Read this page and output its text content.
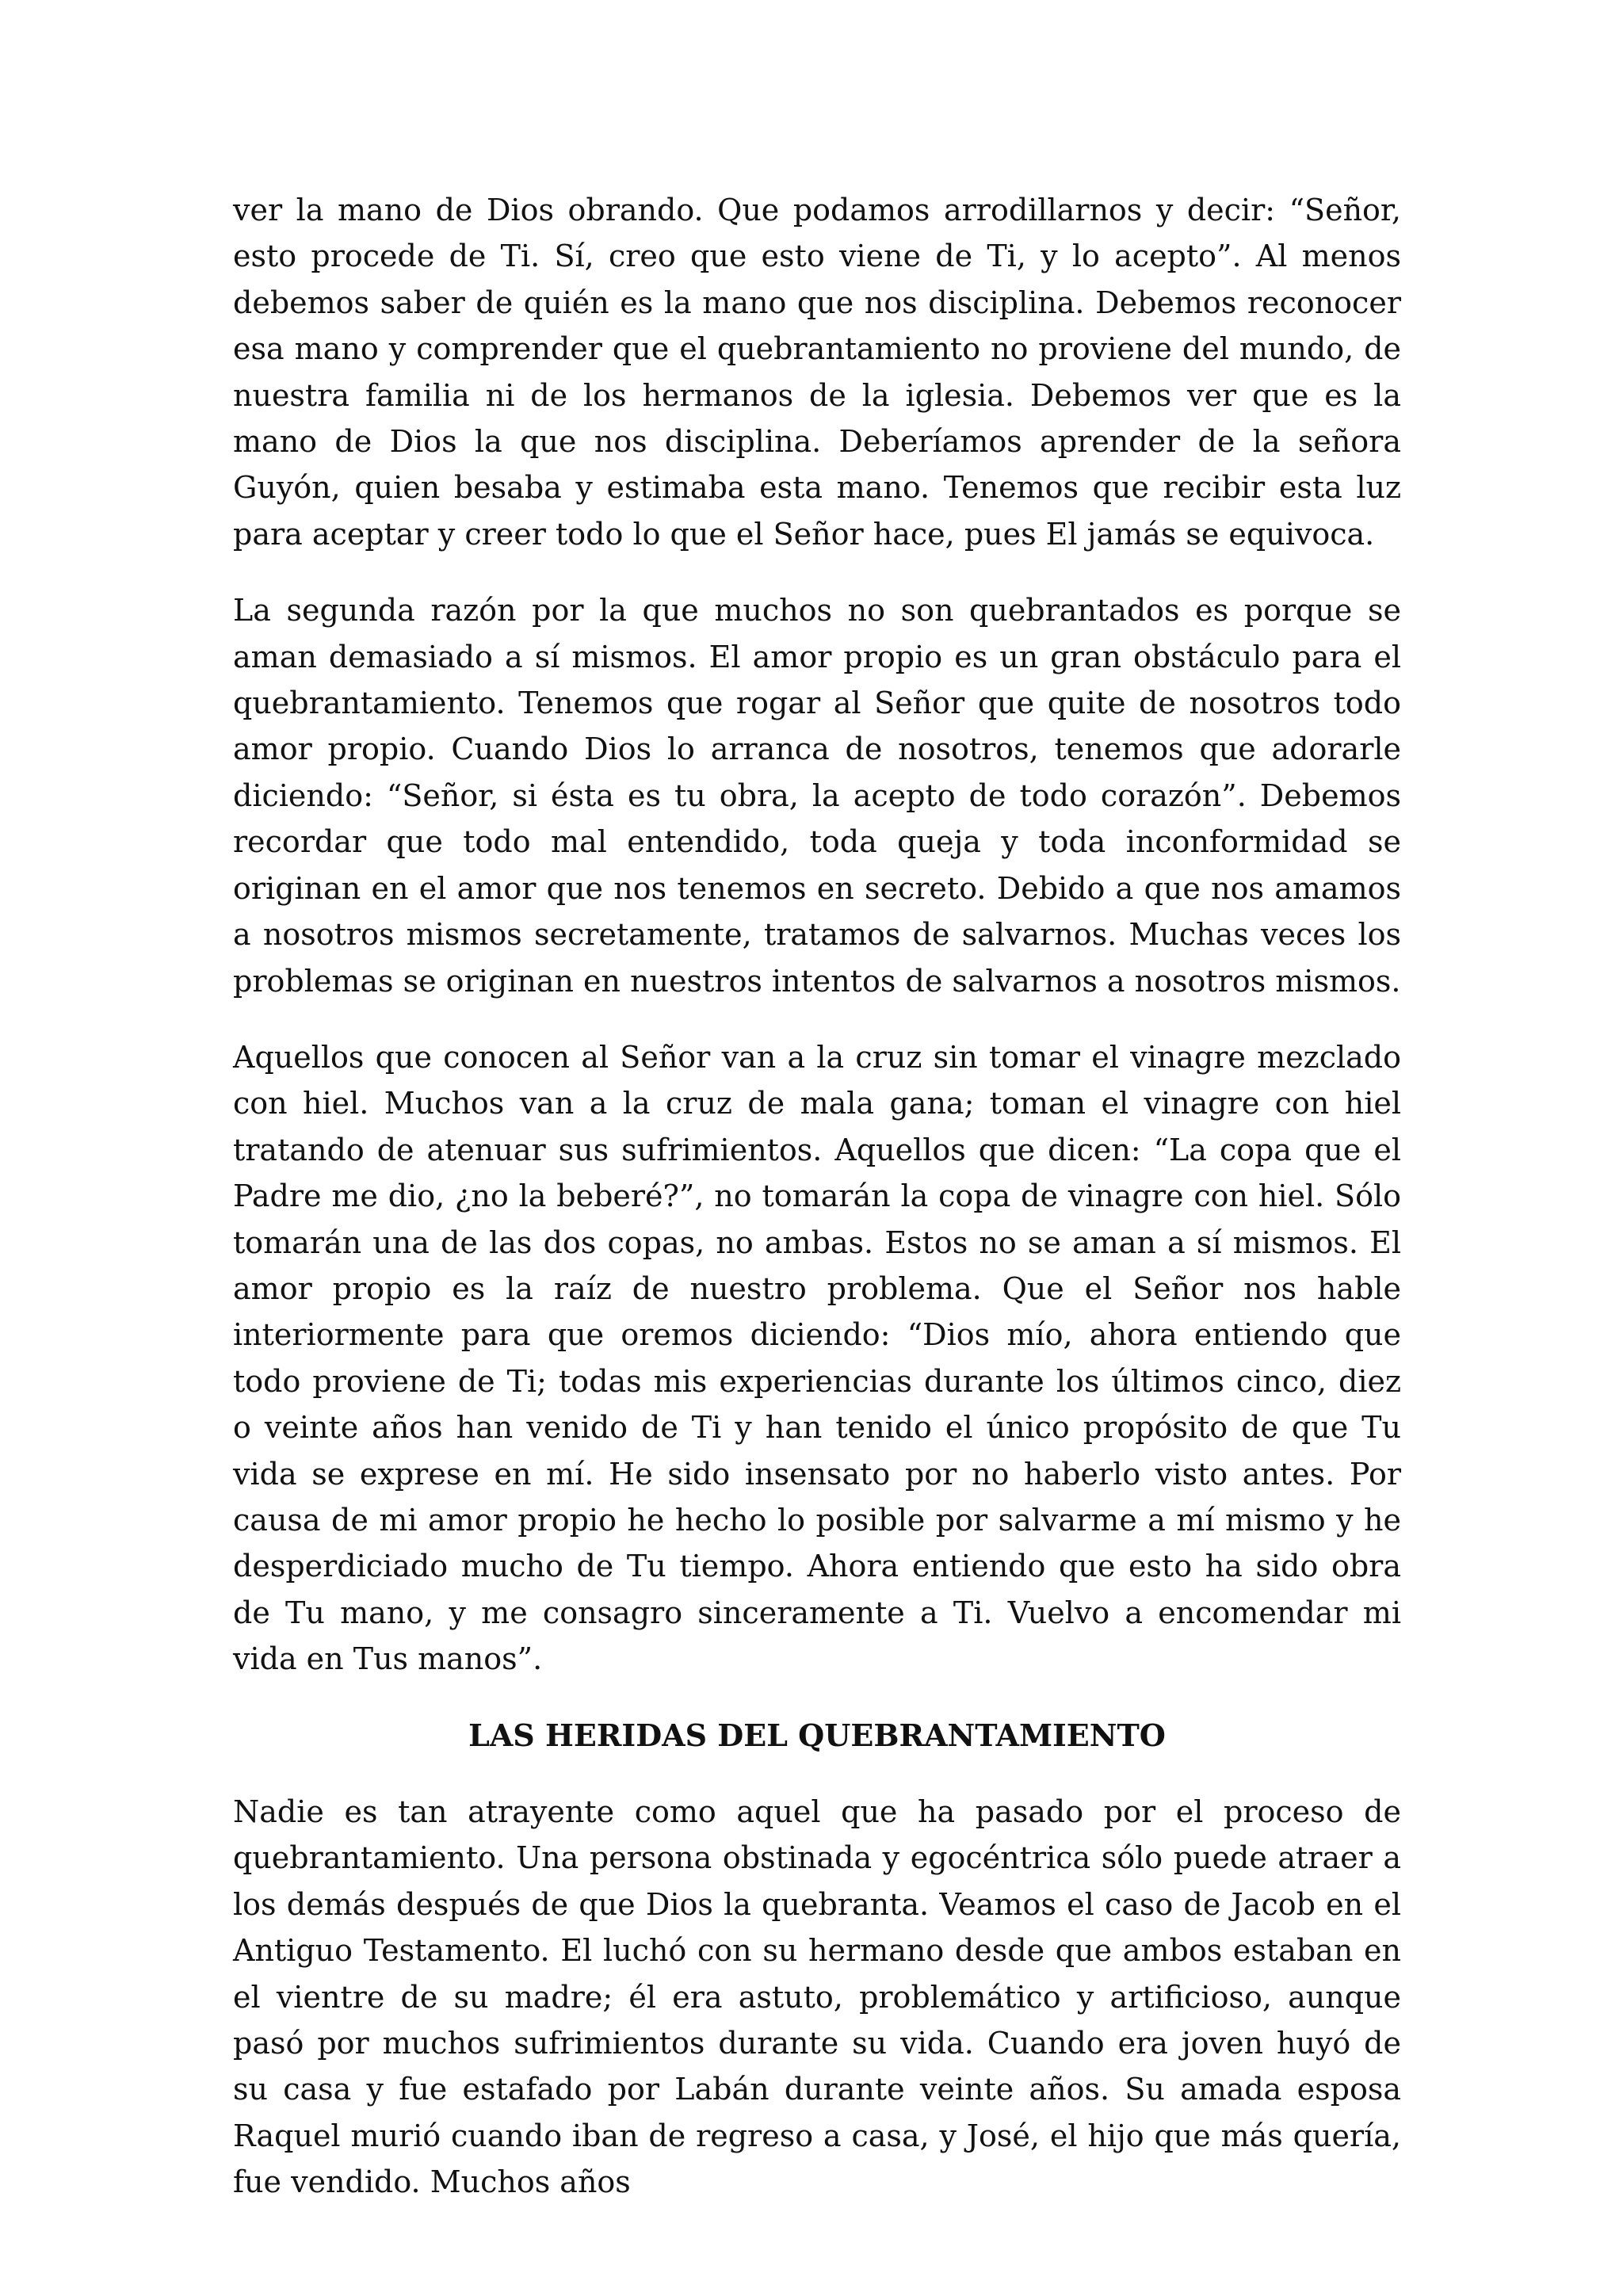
ver la mano de Dios obrando. Que podamos arrodillarnos y decir: “Señor, esto procede de Ti. Sí, creo que esto viene de Ti, y lo acepto”. Al menos debemos saber de quién es la mano que nos disciplina. Debemos reconocer esa mano y comprender que el quebrantamiento no proviene del mundo, de nuestra familia ni de los hermanos de la iglesia. Debemos ver que es la mano de Dios la que nos disciplina. Deberíamos aprender de la señora Guyón, quien besaba y estimaba esta mano. Tenemos que recibir esta luz para aceptar y creer todo lo que el Señor hace, pues El jamás se equivoca.

La segunda razón por la que muchos no son quebrantados es porque se aman demasiado a sí mismos. El amor propio es un gran obstáculo para el quebrantamiento. Tenemos que rogar al Señor que quite de nosotros todo amor propio. Cuando Dios lo arranca de nosotros, tenemos que adorarle diciendo: “Señor, si ésta es tu obra, la acepto de todo corazón”. Debemos recordar que todo mal entendido, toda queja y toda inconformidad se originan en el amor que nos tenemos en secreto. Debido a que nos amamos a nosotros mismos secretamente, tratamos de salvarnos. Muchas veces los problemas se originan en nuestros intentos de salvarnos a nosotros mismos.

Aquellos que conocen al Señor van a la cruz sin tomar el vinagre mezclado con hiel. Muchos van a la cruz de mala gana; toman el vinagre con hiel tratando de atenuar sus sufrimientos. Aquellos que dicen: “La copa que el Padre me dio, ¿no la beberé?”, no tomarán la copa de vinagre con hiel. Sólo tomarán una de las dos copas, no ambas. Estos no se aman a sí mismos. El amor propio es la raíz de nuestro problema. Que el Señor nos hable interiormente para que oremos diciendo: “Dios mío, ahora entiendo que todo proviene de Ti; todas mis experiencias durante los últimos cinco, diez o veinte años han venido de Ti y han tenido el único propósito de que Tu vida se exprese en mí. He sido insensato por no haberlo visto antes. Por causa de mi amor propio he hecho lo posible por salvarme a mí mismo y he desperdiciado mucho de Tu tiempo. Ahora entiendo que esto ha sido obra de Tu mano, y me consagro sinceramente a Ti. Vuelvo a encomendar mi vida en Tus manos”.

LAS HERIDAS DEL QUEBRANTAMIENTO

Nadie es tan atrayente como aquel que ha pasado por el proceso de quebrantamiento. Una persona obstinada y egocéntrica sólo puede atraer a los demás después de que Dios la quebranta. Veamos el caso de Jacob en el Antiguo Testamento. El luchó con su hermano desde que ambos estaban en el vientre de su madre; él era astuto, problemático y artificioso, aunque pasó por muchos sufrimientos durante su vida. Cuando era joven huyó de su casa y fue estafado por Labán durante veinte años. Su amada esposa Raquel murió cuando iban de regreso a casa, y José, el hijo que más quería, fue vendido. Muchos años
